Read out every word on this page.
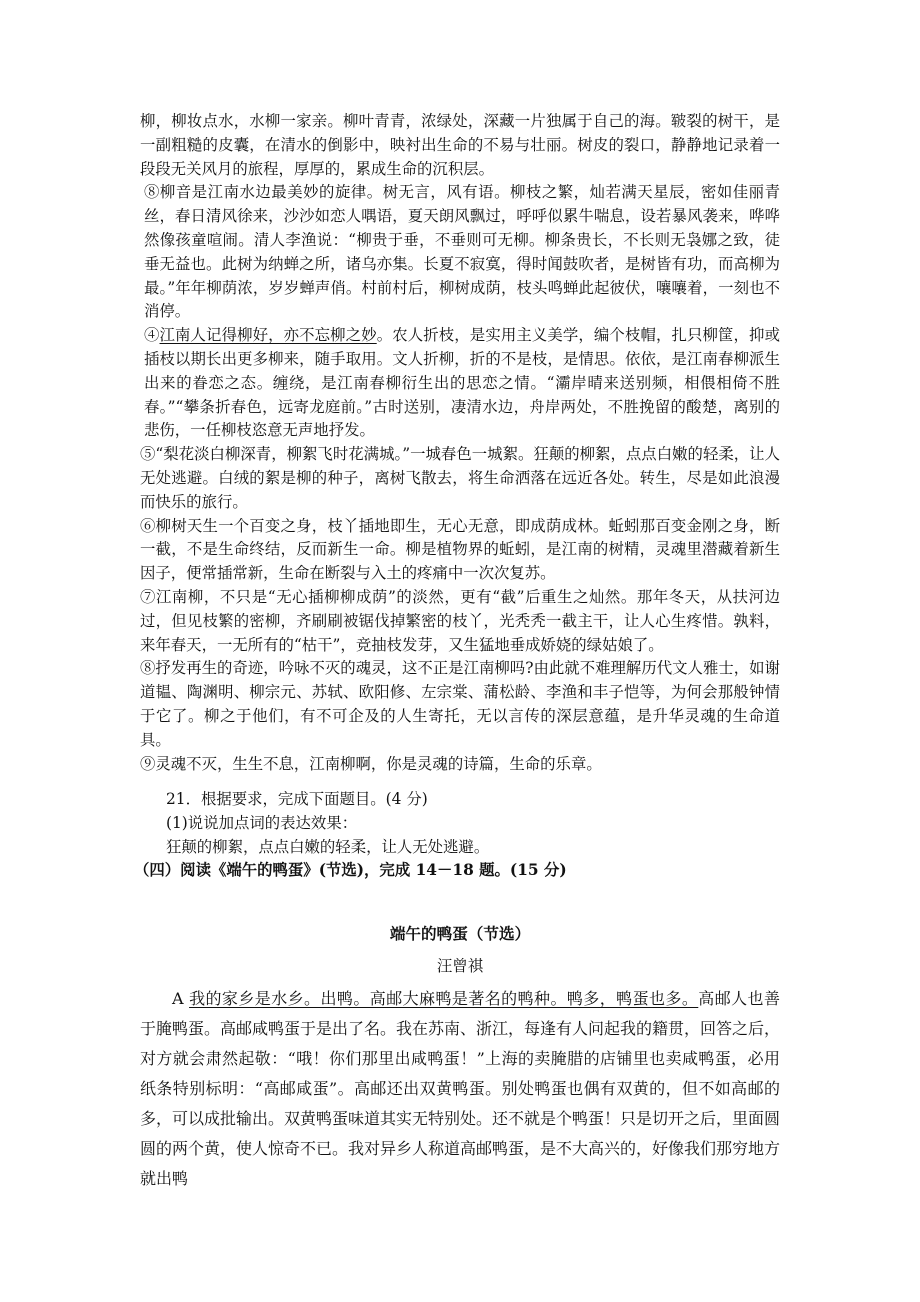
柳，柳妆点水，水柳一家亲。柳叶青青，浓绿处，深藏一片独属于自己的海。皲裂的树干，是一副粗糙的皮囊，在清水的倒影中，映衬出生命的不易与壮丽。树皮的裂口，静静地记录着一段段无关风月的旅程，厚厚的，累成生命的沉积层。

⑧柳音是江南水边最美妙的旋律。树无言，风有语。柳枝之繁，灿若满天星辰，密如佳丽青丝，春日清风徐来，沙沙如恋人喁语，夏天朗风飘过，呼呼似累牛喘息，设若暴风袭来，哗哗然像孩童喧闹。清人李渔说：“柳贵于垂，不垂则可无柳。柳条贵长，不长则无袅娜之致，徒垂无益也。此树为纳蝉之所，诸乌亦集。长夏不寂寞，得时闻鼓吹者，是树皆有功，而高柳为最。”年年柳荫浓，岁岁蝉声俏。村前村后，柳树成荫，枝头鸣蝉此起彼伏，嚷嚷着，一刻也不消停。

④江南人记得柳好，亦不忘柳之妙。农人折枝，是实用主义美学，编个枝帽，扎只柳筐，抑或插枝以期长出更多柳来，随手取用。文人折柳，折的不是枝，是情思。依依，是江南春柳派生出来的眷恋之态。缠绕，是江南春柳衍生出的思恋之情。“灞岸晴来送别频，相偎相倚不胜春。”“攀条折春色，远寄龙庭前。”古时送别，凄清水边，舟岸两处，不胜挽留的酸楚，离别的悲伤，一任柳枝恣意无声地抒发。

⑤“梨花淡白柳深青，柳絮飞时花满城。”一城春色一城絮。狂颠的柳絮，点点白嫩的轻柔，让人无处逃避。白绒的絮是柳的种子，离树飞散去，将生命洒落在远近各处。转生，尽是如此浪漫而快乐的旅行。

⑥柳树天生一个百变之身，枝丫插地即生，无心无意，即成荫成林。蚯蚓那百变金刚之身，断一截，不是生命终结，反而新生一命。柳是植物界的蚯蚓，是江南的树精，灵魂里潜藏着新生因子，便常插常新，生命在断裂与入土的疼痛中一次次复苏。

⑦江南柳，不只是“无心插柳柳成荫”的淡然，更有“截”后重生之灿然。那年冬天，从扶河边过，但见枝繁的密柳，齐刷刷被锯伐掉繁密的枝丫，光秃秃一截主干，让人心生疼惜。孰料，来年春天，一无所有的“枯干”，竞抽枝发芽，又生猛地垂成娇娆的绿姑娘了。

⑧抒发再生的奇迹，吟咏不灭的魂灵，这不正是江南柳吗?由此就不难理解历代文人雅士，如谢道韫、陶渊明、柳宗元、苏轼、欧阳修、左宗棠、蒲松龄、李渔和丰子恺等，为何会那般钟情于它了。柳之于他们，有不可企及的人生寄托，无以言传的深层意蕴，是升华灵魂的生命道具。

⑨灵魂不灭，生生不息，江南柳啊，你是灵魂的诗篇，生命的乐章。

21．根据要求，完成下面题目。(4 分)

(1)说说加点词的表达效果：

狂颠的柳絮，点点白嫩的轻柔，让人无处逃避。

（四）阅读《端午的鸭蛋》(节选)，完成 14－18 题。(15 分)

端午的鸭蛋（节选）
汪曾祺

A 我的家乡是水乡。出鸭。高邮大麻鸭是著名的鸭种。鸭多，鸭蛋也多。高邮人也善于腌鸭蛋。高邮咸鸭蛋于是出了名。我在苏南、浙江，每逢有人问起我的籍贯，回答之后，对方就会肃然起敬：“哦！你们那里出咸鸭蛋！”上海的卖腌腊的店铺里也卖咸鸭蛋，必用纸条特别标明：“高邮咸蛋”。高邮还出双黄鸭蛋。别处鸭蛋也偶有双黄的，但不如高邮的多，可以成批输出。双黄鸭蛋味道其实无特别处。还不就是个鸭蛋！只是切开之后，里面圆圆的两个黄，使人惊奇不已。我对异乡人称道高邮鸭蛋，是不大高兴的，好像我们那穷地方就出鸭
